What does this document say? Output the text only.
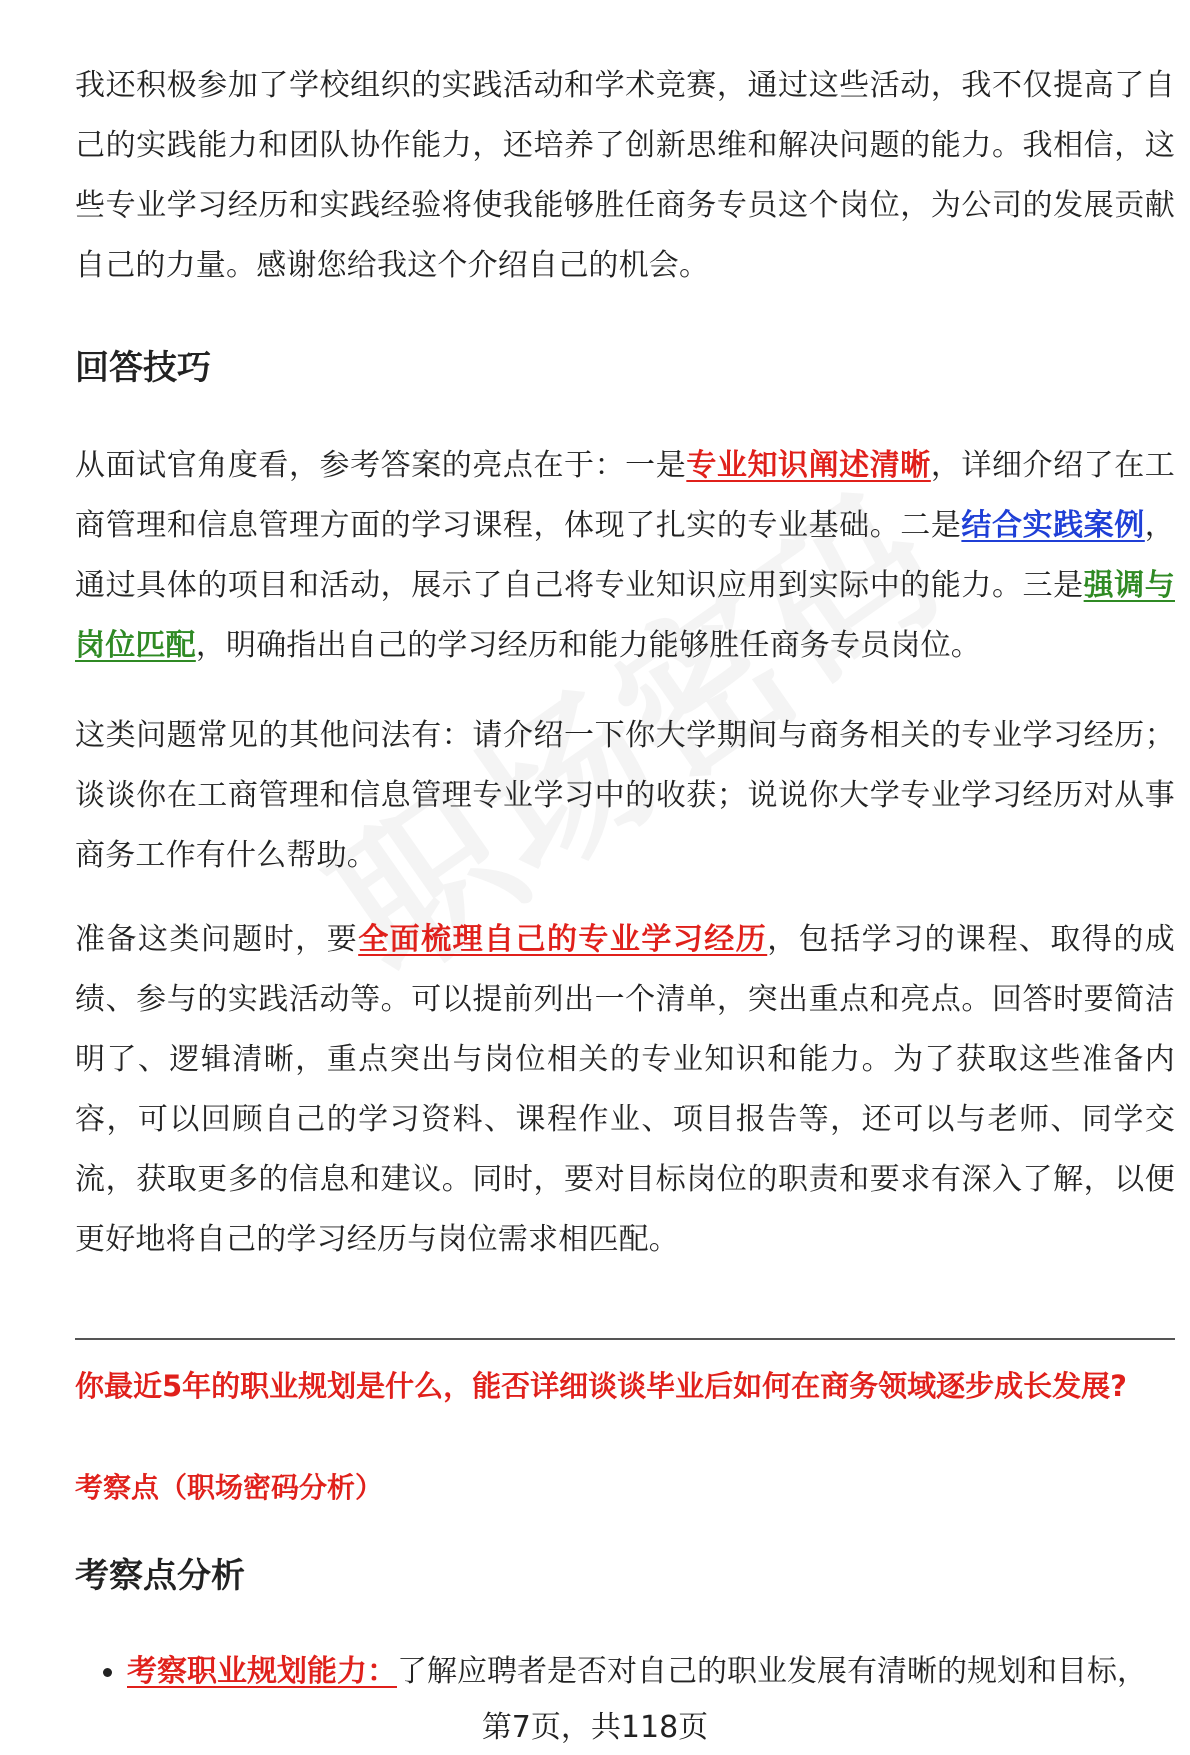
我还积极参加了学校组织的实践活动和学术竞赛，通过这些活动，我不仅提高了自己的实践能力和团队协作能力，还培养了创新思维和解决问题的能力。我相信，这些专业学习经历和实践经验将使我能够胜任商务专员这个岗位，为公司的发展贡献自己的力量。感谢您给我这个介绍自己的机会。

回答技巧

从面试官角度看，参考答案的亮点在于：一是专业知识阐述清晰，详细介绍了在工商管理和信息管理方面的学习课程，体现了扎实的专业基础。二是结合实践案例，通过具体的项目和活动，展示了自己将专业知识应用到实际中的能力。三是强调与岗位匹配，明确指出自己的学习经历和能力能够胜任商务专员岗位。

这类问题常见的其他问法有：请介绍一下你大学期间与商务相关的专业学习经历；谈谈你在工商管理和信息管理专业学习中的收获；说说你大学专业学习经历对从事商务工作有什么帮助。

准备这类问题时，要全面梳理自己的专业学习经历，包括学习的课程、取得的成绩、参与的实践活动等。可以提前列出一个清单，突出重点和亮点。回答时要简洁明了、逻辑清晰，重点突出与岗位相关的专业知识和能力。为了获取这些准备内容，可以回顾自己的学习资料、课程作业、项目报告等，还可以与老师、同学交流，获取更多的信息和建议。同时，要对目标岗位的职责和要求有深入了解，以便更好地将自己的学习经历与岗位需求相匹配。

你最近5年的职业规划是什么，能否详细谈谈毕业后如何在商务领域逐步成长发展?

考察点（职场密码分析）

考察点分析
考察职业规划能力：了解应聘者是否对自己的职业发展有清晰的规划和目标，
第7页，共118页
